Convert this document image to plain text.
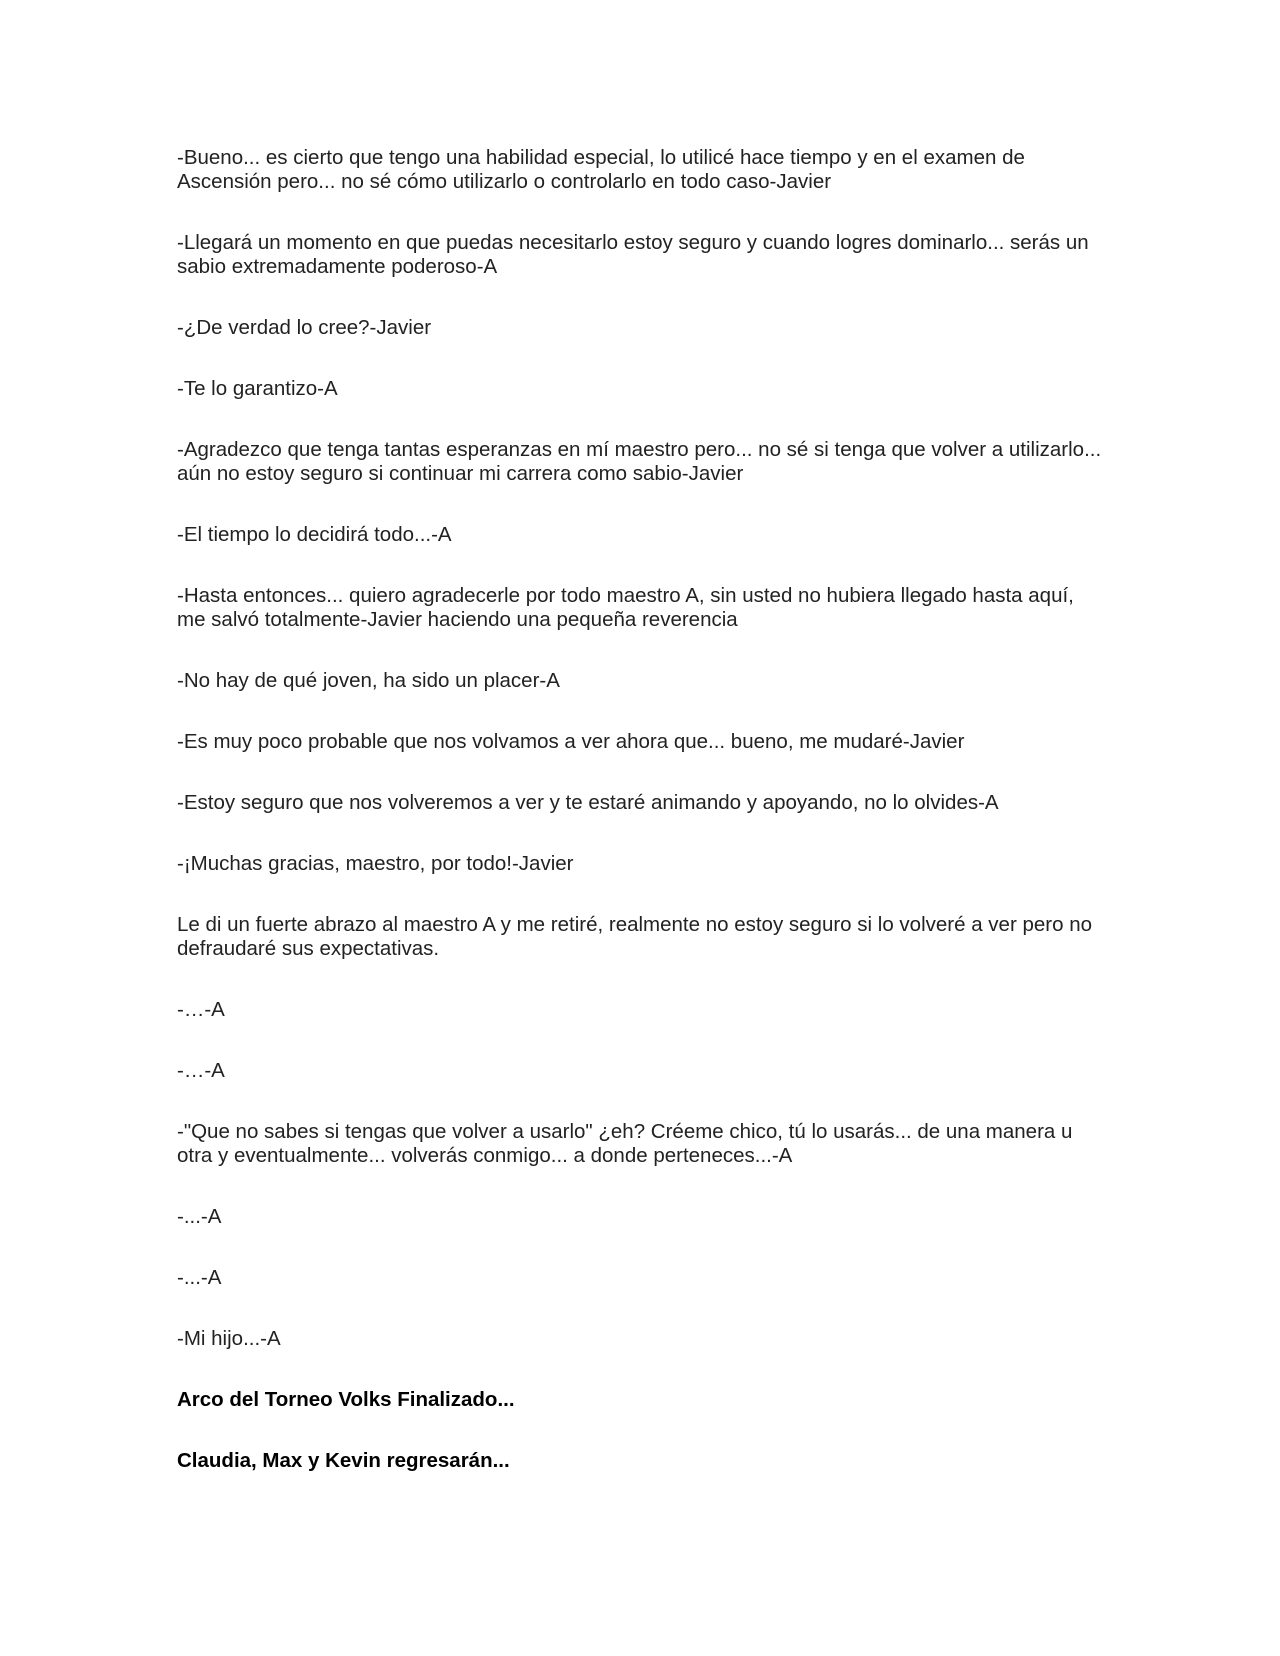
-Bueno... es cierto que tengo una habilidad especial, lo utilicé hace tiempo y en el examen de Ascensión pero... no sé cómo utilizarlo o controlarlo en todo caso-Javier

-Llegará un momento en que puedas necesitarlo estoy seguro y cuando logres dominarlo... serás un sabio extremadamente poderoso-A

-¿De verdad lo cree?-Javier

-Te lo garantizo-A

-Agradezco que tenga tantas esperanzas en mí maestro pero... no sé si tenga que volver a utilizarlo... aún no estoy seguro si continuar mi carrera como sabio-Javier

-El tiempo lo decidirá todo...-A

-Hasta entonces... quiero agradecerle por todo maestro A, sin usted no hubiera llegado hasta aquí, me salvó totalmente-Javier haciendo una pequeña reverencia

-No hay de qué joven, ha sido un placer-A

-Es muy poco probable que nos volvamos a ver ahora que... bueno, me mudaré-Javier

-Estoy seguro que nos volveremos a ver y te estaré animando y apoyando, no lo olvides-A

-¡Muchas gracias, maestro, por todo!-Javier

Le di un fuerte abrazo al maestro A y me retiré, realmente no estoy seguro si lo volveré a ver pero no defraudaré sus expectativas.

-…-A

-…-A

-"Que no sabes si tengas que volver a usarlo" ¿eh? Créeme chico, tú lo usarás... de una manera u otra y eventualmente... volverás conmigo... a donde perteneces...-A

-...-A

-...-A

-Mi hijo...-A

Arco del Torneo Volks Finalizado...

Claudia, Max y Kevin regresarán...
